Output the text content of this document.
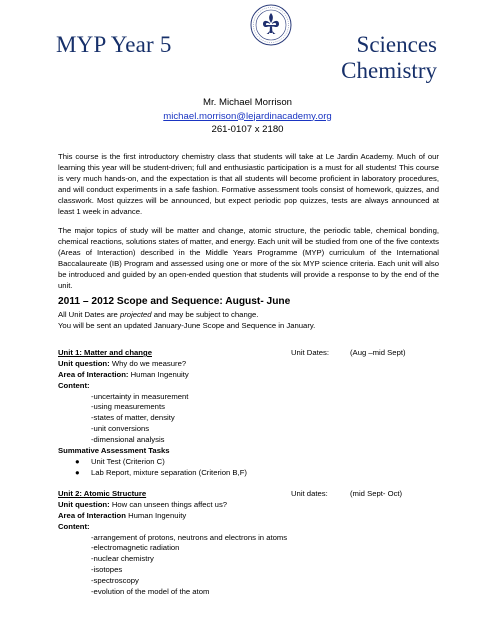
MYP Year 5	Sciences
Chemistry
Mr. Michael Morrison
michael.morrison@lejardinacademy.org
261-0107 x 2180
This course is the first introductory chemistry class that students will take at Le Jardin Academy. Much of our learning this year will be student-driven; full and enthusiastic participation is a must for all students! This course is very much hands-on, and the expectation is that all students will become proficient in laboratory procedures, and will conduct experiments in a safe fashion. Formative assessment tools consist of homework, quizzes, and classwork. Most quizzes will be announced, but expect periodic pop quizzes, tests are always announced at least 1 week in advance.
The major topics of study will be matter and change, atomic structure, the periodic table, chemical bonding, chemical reactions, solutions states of matter, and energy. Each unit will be studied from one of the five contexts (Areas of Interaction) described in the Middle Years Programme (MYP) curriculum of the International Baccalaureate (IB) Program and assessed using one or more of the six MYP science criteria. Each unit will also be introduced and guided by an open-ended question that students will provide a response to by the end of the unit.
2011 – 2012 Scope and Sequence: August- June
All Unit Dates are projected and may be subject to change.
You will be sent an updated January-June Scope and Sequence in January.
Unit 1: Matter and change	Unit Dates:	(Aug –mid Sept)
Unit question: Why do we measure?
Area of Interaction: Human Ingenuity
Content:
-uncertainty in measurement
-using measurements
-states of matter, density
-unit conversions
-dimensional analysis
Summative Assessment Tasks
● Unit Test (Criterion C)
● Lab Report, mixture separation (Criterion B,F)
Unit 2: Atomic Structure	Unit dates:	(mid Sept- Oct)
Unit question: How can unseen things affect us?
Area of Interaction Human Ingenuity
Content:
-arrangement of protons, neutrons and electrons in atoms
-electromagnetic radiation
-nuclear chemistry
-isotopes
-spectroscopy
-evolution of the model of the atom
